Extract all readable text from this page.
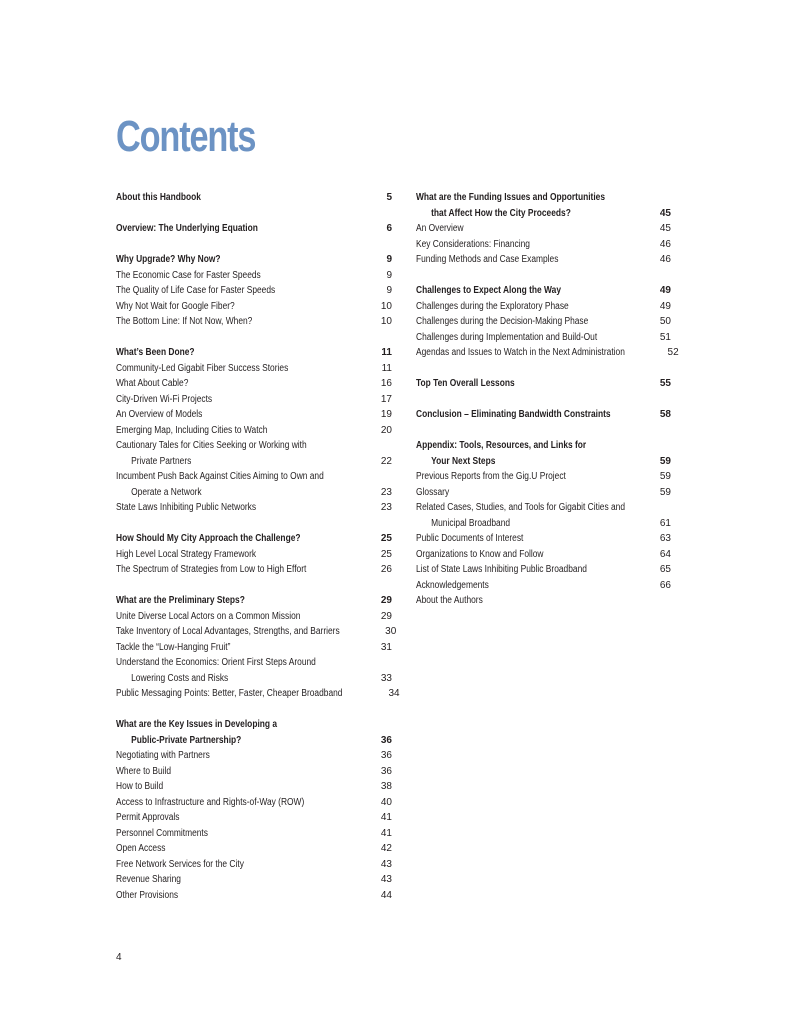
Contents
About this Handbook	5
Overview: The Underlying Equation	6
Why Upgrade? Why Now?	9
The Economic Case for Faster Speeds	9
The Quality of Life Case for Faster Speeds	9
Why Not Wait for Google Fiber?	10
The Bottom Line: If Not Now, When?	10
What’s Been Done?	11
Community-Led Gigabit Fiber Success Stories	11
What About Cable?	16
City-Driven Wi-Fi Projects	17
An Overview of Models	19
Emerging Map, Including Cities to Watch	20
Cautionary Tales for Cities Seeking or Working with
Private Partners	22
Incumbent Push Back Against Cities Aiming to Own and
Operate a Network	23
State Laws Inhibiting Public Networks	23
How Should My City Approach the Challenge?	25
High Level Local Strategy Framework	25
The Spectrum of Strategies from Low to High Effort	26
What are the Preliminary Steps?	29
Unite Diverse Local Actors on a Common Mission	29
Take Inventory of Local Advantages, Strengths, and Barriers	30
Tackle the “Low-Hanging Fruit”	31
Understand the Economics: Orient First Steps Around
Lowering Costs and Risks	33
Public Messaging Points: Better, Faster, Cheaper Broadband	34
What are the Key Issues in Developing a
Public-Private Partnership?	36
Negotiating with Partners	36
Where to Build	36
How to Build	38
Access to Infrastructure and Rights-of-Way (ROW)	40
Permit Approvals	41
Personnel Commitments	41
Open Access	42
Free Network Services for the City	43
Revenue Sharing	43
Other Provisions	44
What are the Funding Issues and Opportunities
that Affect How the City Proceeds?	45
An Overview	45
Key Considerations: Financing	46
Funding Methods and Case Examples	46
Challenges to Expect Along the Way	49
Challenges during the Exploratory Phase	49
Challenges during the Decision-Making Phase	50
Challenges during Implementation and Build-Out	51
Agendas and Issues to Watch in the Next Administration	52
Top Ten Overall Lessons	55
Conclusion – Eliminating Bandwidth Constraints	58
Appendix: Tools, Resources, and Links for
Your Next Steps	59
Previous Reports from the Gig.U Project	59
Glossary	59
Related Cases, Studies, and Tools for Gigabit Cities and
Municipal Broadband	61
Public Documents of Interest	63
Organizations to Know and Follow	64
List of State Laws Inhibiting Public Broadband	65
Acknowledgements	66
About the Authors
4
